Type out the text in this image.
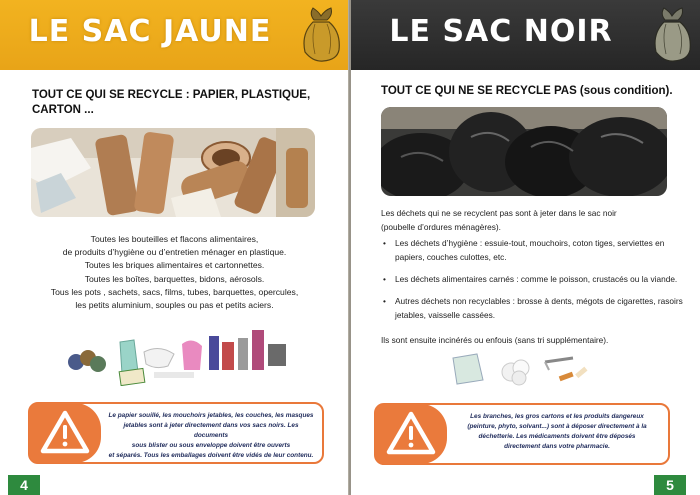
LE SAC JAUNE
TOUT CE QUI SE RECYCLE : PAPIER, PLASTIQUE,
CARTON ...
Toutes les bouteilles et flacons alimentaires,
de produits d’hygiène ou d’entretien ménager en plastique.
Toutes les briques alimentaires et cartonnettes.
Toutes les boîtes, barquettes, bidons, aérosols.
Tous les pots , sachets, sacs, films, tubes, barquettes, opercules,
les petits aluminium, souples ou pas et petits aciers.
Le papier souillé, les mouchoirs jetables, les couches, les masques
jetables sont à jeter directement dans vos sacs noirs. Les documents
sous blister ou sous enveloppe doivent être ouverts
et séparés. Tous les emballages doivent être vidés de leur contenu.
4
LE SAC NOIR
TOUT CE QUI NE SE RECYCLE PAS (sous condition).
Les déchets qui ne se recyclent pas sont à jeter dans le sac noir
(poubelle d’ordures ménagères).
• Les déchets d’hygiène : essuie-tout, mouchoirs, coton tiges, serviettes en papiers, couches culottes, etc.
• Les déchets alimentaires carnés : comme le poisson, crustacés ou la viande.
• Autres déchets non recyclables : brosse à dents, mégots de cigarettes, rasoirs jetables, vaisselle cassées.
Ils sont ensuite incinérés ou enfouis (sans tri supplémentaire).
Les branches, les gros cartons et les produits dangereux
(peinture, phyto, solvant...) sont à déposer directement à la
déchetterie. Les médicaments doivent être déposés
directement dans votre pharmacie.
5
